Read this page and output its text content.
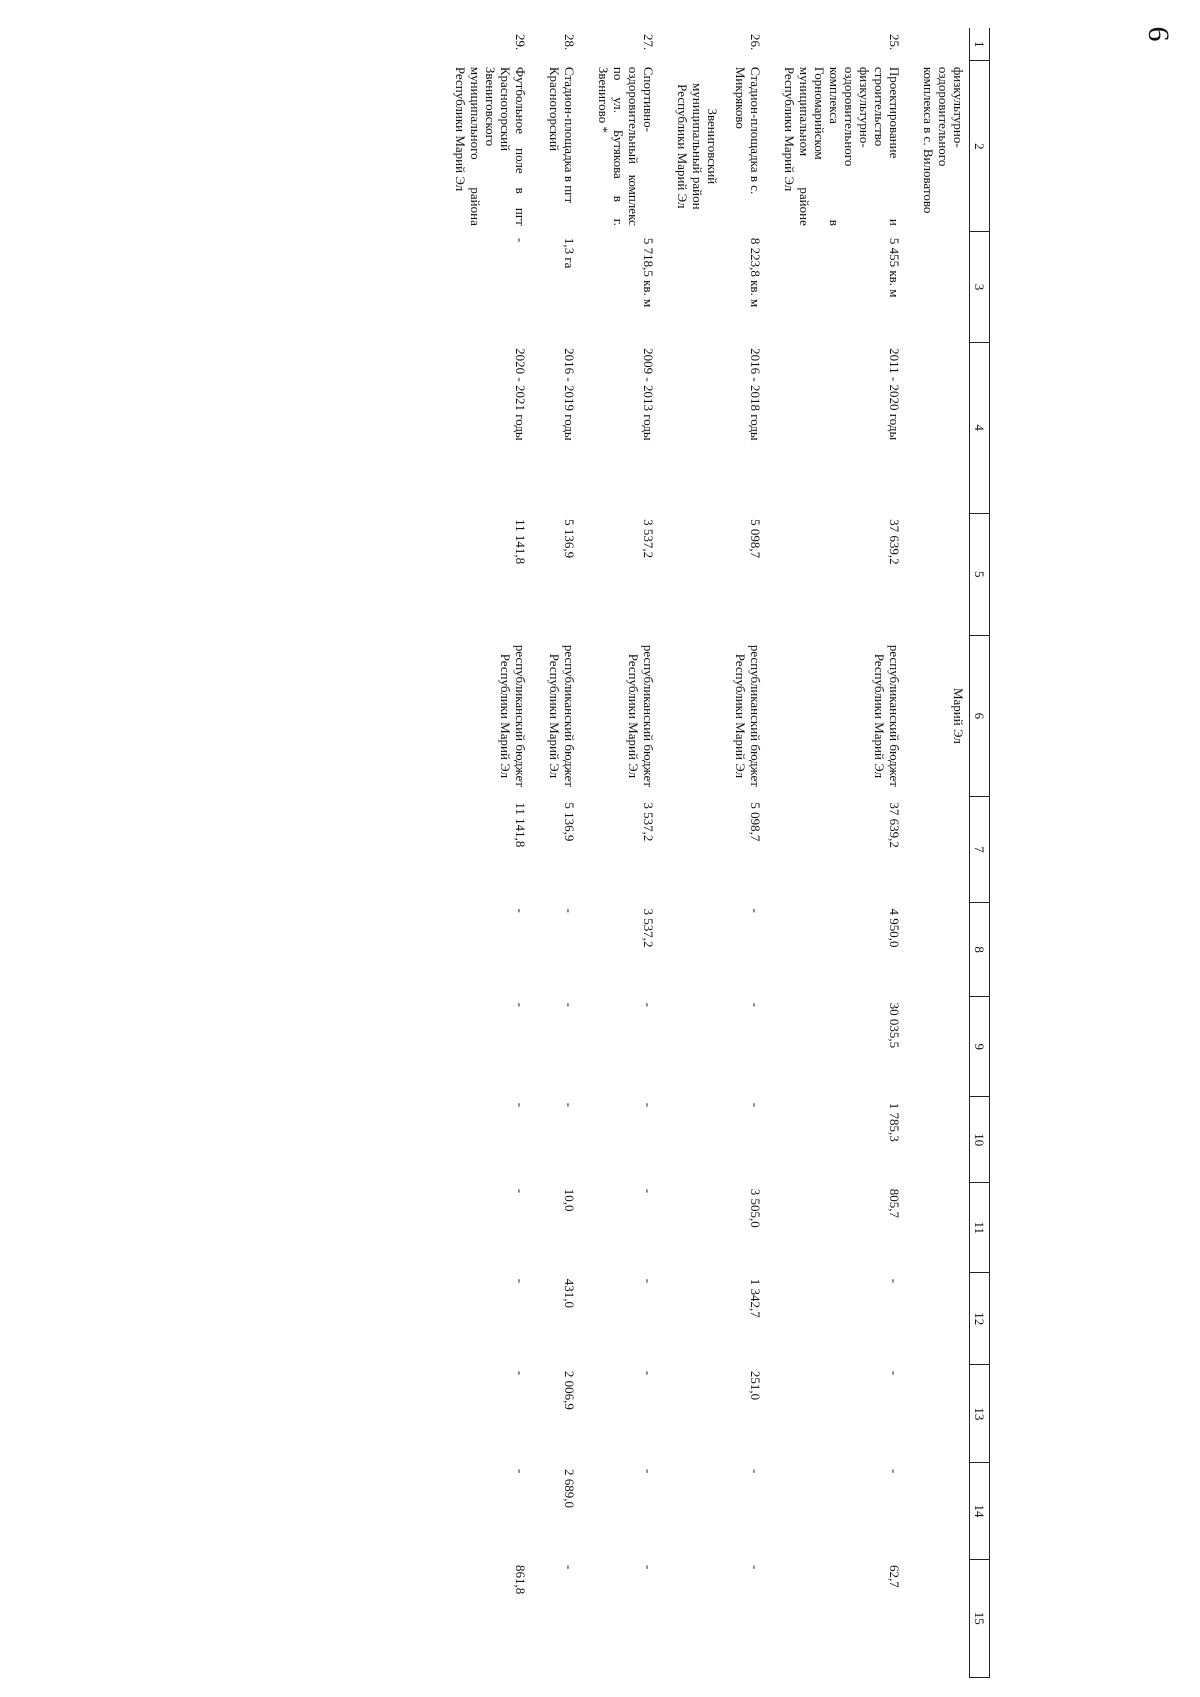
6
1	2	3	4	5	6	7	8	9	10	11	12	13	14	15
	физкультурно-оздоровительного комплекса в с. Виловатово				Марий Эл									
25.	Проектирование и строительство физкультурно-оздоровительного комплекса в Горномарийском муниципальном районе Республики Марий Эл	5 455 кв. м	2011 - 2020 годы	37 639,2	республиканский бюджет Республики Марий Эл	37 639,2	4 950,0	30 035,5	1 785,3	805,7	-	-	-	62,7
26.	Стадион-площадка в с. Микряково	8 223,8 кв. м	2016 - 2018 годы	5 098,7	республиканский бюджет Республики Марий Эл	5 098,7	-	-	-	3 505,0	1 342,7	251,0	-	-
	Звениговский муниципальный район Республики Марий Эл													
27.	Спортивно-оздоровительный комплекс по ул. Бутякова в г. Звенигово *	5 718,5 кв. м	2009 - 2013 годы	3 537,2	республиканский бюджет Республики Марий Эл	3 537,2	3 537,2	-	-	-	-	-	-	-
28.	Стадион-площадка в пгт Красногорский	1,3 га	2016 - 2019 годы	5 136,9	республиканский бюджет Республики Марий Эл	5 136,9	-	-	-	10,0	431,0	2 006,9	2 689,0	-
29.	Футбольное поле в пгт Красногорский Звениговского муниципального района Республики Марий Эл	-	2020 - 2021 годы	11 141,8	республиканский бюджет Республики Марий Эл	11 141,8	-	-	-	-	-	-	-	861,8
